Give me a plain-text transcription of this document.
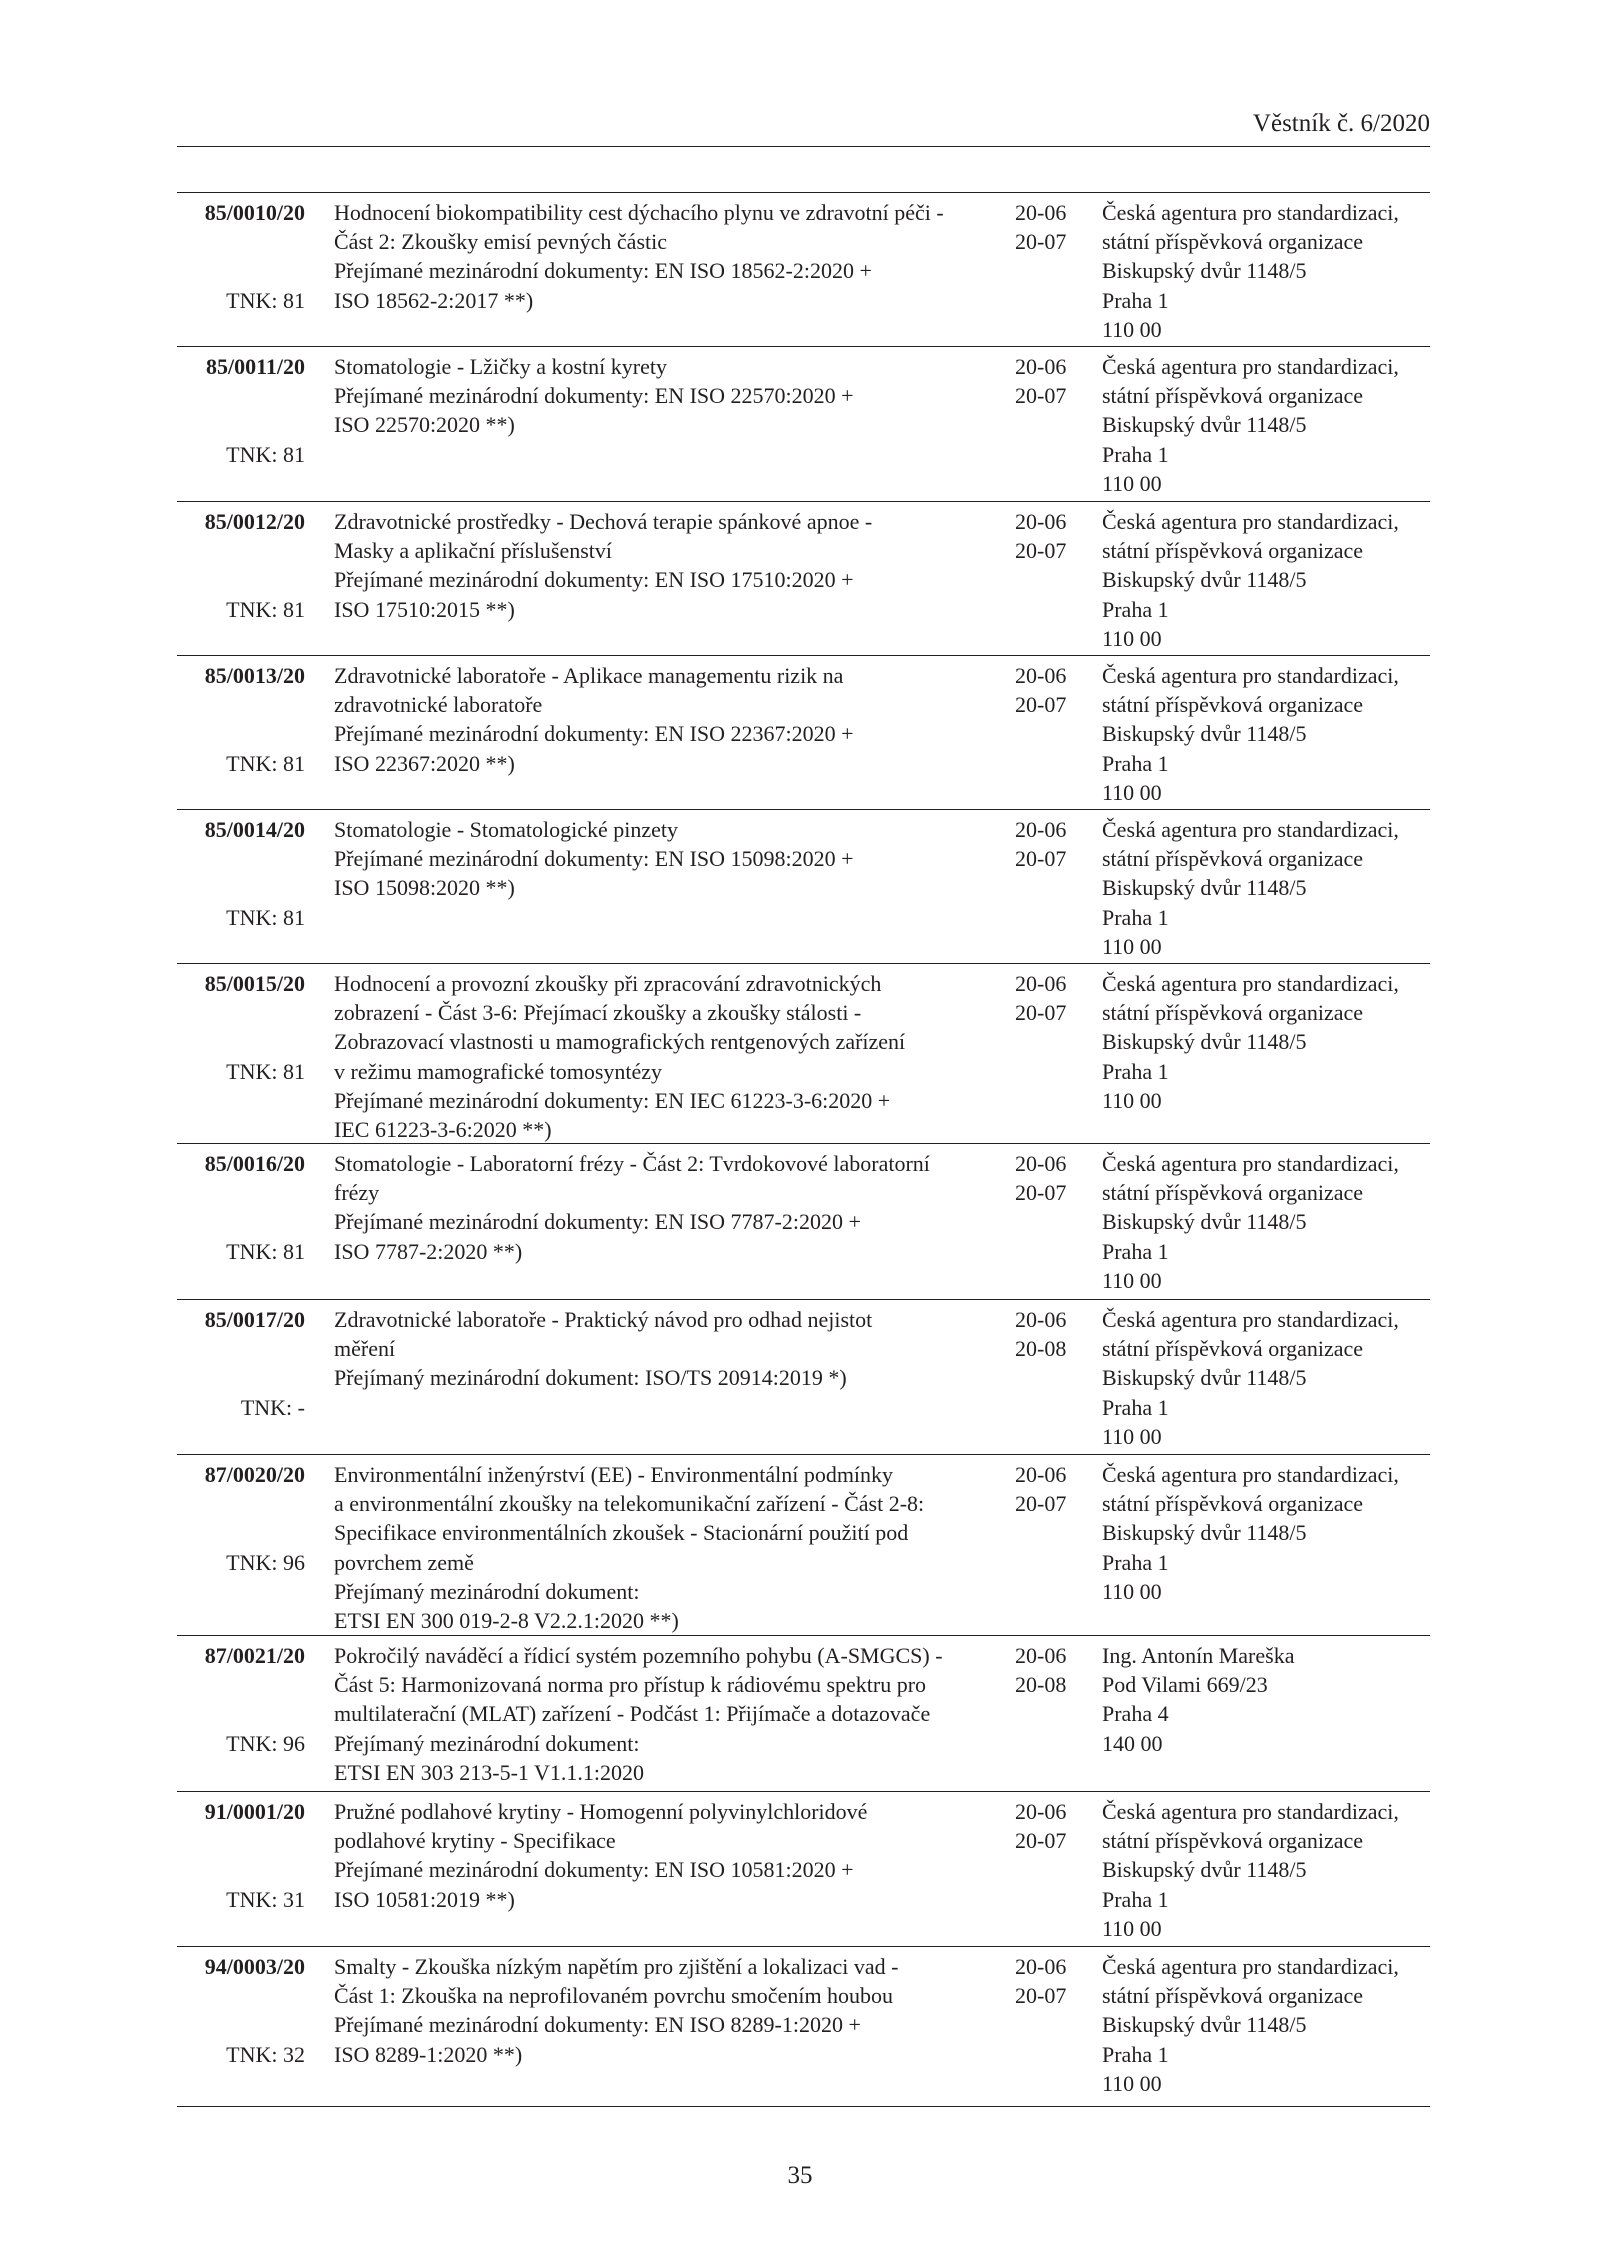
Věstník č. 6/2020
85/0010/20
TNK: 81
Hodnocení biokompatibility cest dýchacího plynu ve zdravotní péči -
Část 2: Zkoušky emisí pevných částic
Přejímané mezinárodní dokumenty: EN ISO 18562-2:2020 +
ISO 18562-2:2017 **)
20-06
20-07
Česká agentura pro standardizaci,
státní příspěvková organizace
Biskupský dvůr 1148/5
Praha 1
110 00
85/0011/20
TNK: 81
Stomatologie - Lžičky a kostní kyrety
Přejímané mezinárodní dokumenty: EN ISO 22570:2020 +
ISO 22570:2020 **)
20-06
20-07
Česká agentura pro standardizaci,
státní příspěvková organizace
Biskupský dvůr 1148/5
Praha 1
110 00
85/0012/20
TNK: 81
Zdravotnické prostředky - Dechová terapie spánkové apnoe -
Masky a aplikační příslušenství
Přejímané mezinárodní dokumenty: EN ISO 17510:2020 +
ISO 17510:2015 **)
20-06
20-07
Česká agentura pro standardizaci,
státní příspěvková organizace
Biskupský dvůr 1148/5
Praha 1
110 00
85/0013/20
TNK: 81
Zdravotnické laboratoře - Aplikace managementu rizik na
zdravotnické laboratoře
Přejímané mezinárodní dokumenty: EN ISO 22367:2020 +
ISO 22367:2020 **)
20-06
20-07
Česká agentura pro standardizaci,
státní příspěvková organizace
Biskupský dvůr 1148/5
Praha 1
110 00
85/0014/20
TNK: 81
Stomatologie - Stomatologické pinzety
Přejímané mezinárodní dokumenty: EN ISO 15098:2020 +
ISO 15098:2020 **)
20-06
20-07
Česká agentura pro standardizaci,
státní příspěvková organizace
Biskupský dvůr 1148/5
Praha 1
110 00
85/0015/20
TNK: 81
Hodnocení a provozní zkoušky při zpracování zdravotnických
zobrazení - Část 3-6: Přejímací zkoušky a zkoušky stálosti -
Zobrazovací vlastnosti u mamografických rentgenových zařízení
v režimu mamografické tomosyntézy
Přejímané mezinárodní dokumenty: EN IEC 61223-3-6:2020 +
IEC 61223-3-6:2020 **)
20-06
20-07
Česká agentura pro standardizaci,
státní příspěvková organizace
Biskupský dvůr 1148/5
Praha 1
110 00
85/0016/20
TNK: 81
Stomatologie - Laboratorní frézy - Část 2: Tvrdokovové laboratorní
frézy
Přejímané mezinárodní dokumenty: EN ISO 7787-2:2020 +
ISO 7787-2:2020 **)
20-06
20-07
Česká agentura pro standardizaci,
státní příspěvková organizace
Biskupský dvůr 1148/5
Praha 1
110 00
85/0017/20
TNK: -
Zdravotnické laboratoře - Praktický návod pro odhad nejistot
měření
Přejímaný mezinárodní dokument: ISO/TS 20914:2019 *)
20-06
20-08
Česká agentura pro standardizaci,
státní příspěvková organizace
Biskupský dvůr 1148/5
Praha 1
110 00
87/0020/20
TNK: 96
Environmentální inženýrství (EE) - Environmentální podmínky
a environmentální zkoušky na telekomunikační zařízení - Část 2-8:
Specifikace environmentálních zkoušek - Stacionární použití pod
povrchem země
Přejímaný mezinárodní dokument:
ETSI EN 300 019-2-8 V2.2.1:2020 **)
20-06
20-07
Česká agentura pro standardizaci,
státní příspěvková organizace
Biskupský dvůr 1148/5
Praha 1
110 00
87/0021/20
TNK: 96
Pokročilý naváděcí a řídicí systém pozemního pohybu (A-SMGCS) -
Část 5: Harmonizovaná norma pro přístup k rádiovému spektru pro
multilaterační (MLAT) zařízení - Podčást 1: Přijímače a dotazovače
Přejímaný mezinárodní dokument:
ETSI EN 303 213-5-1 V1.1.1:2020
20-06
20-08
Ing. Antonín Mareška
Pod Vilami 669/23
Praha 4
140 00
91/0001/20
TNK: 31
Pružné podlahové krytiny - Homogenní polyvinylchloridové
podlahové krytiny - Specifikace
Přejímané mezinárodní dokumenty: EN ISO 10581:2020 +
ISO 10581:2019 **)
20-06
20-07
Česká agentura pro standardizaci,
státní příspěvková organizace
Biskupský dvůr 1148/5
Praha 1
110 00
94/0003/20
TNK: 32
Smalty - Zkouška nízkým napětím pro zjištění a lokalizaci vad -
Část 1: Zkouška na neprofilovaném povrchu smočením houbou
Přejímané mezinárodní dokumenty: EN ISO 8289-1:2020 +
ISO 8289-1:2020 **)
20-06
20-07
Česká agentura pro standardizaci,
státní příspěvková organizace
Biskupský dvůr 1148/5
Praha 1
110 00
35
